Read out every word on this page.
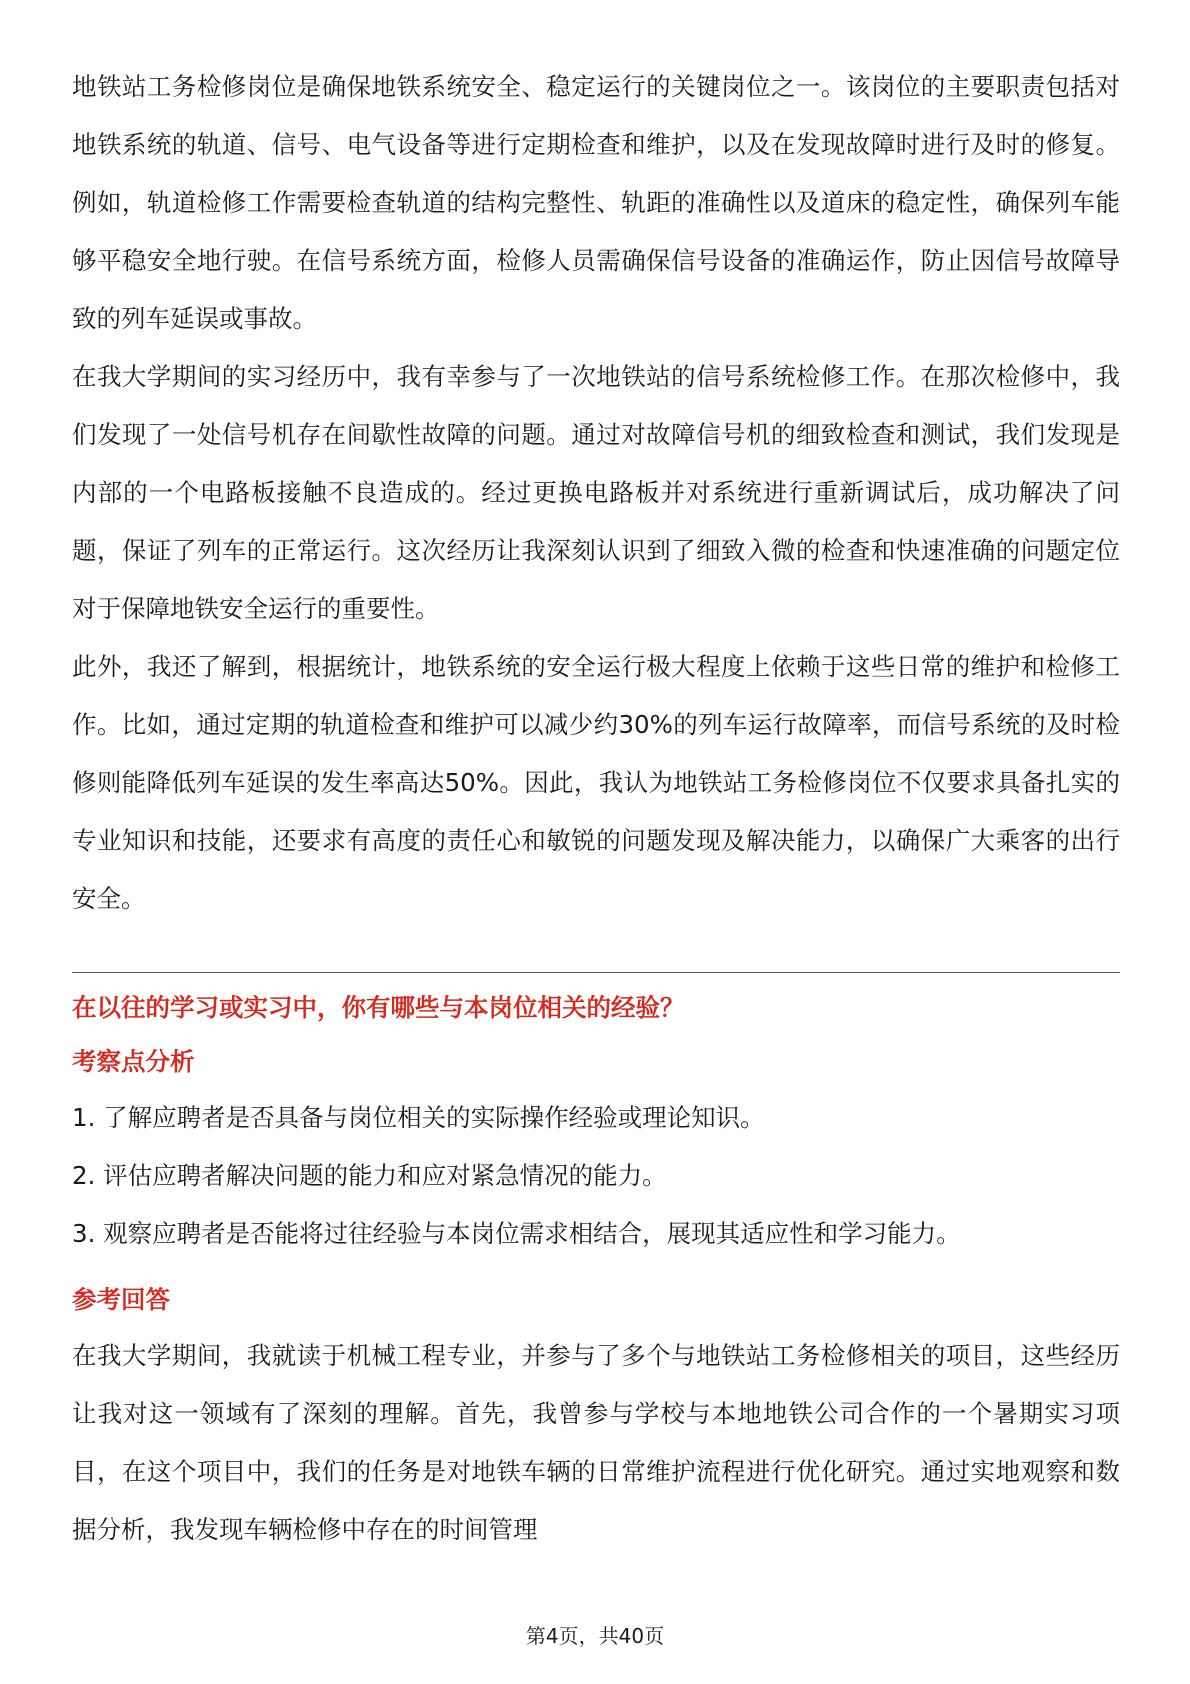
地铁站工务检修岗位是确保地铁系统安全、稳定运行的关键岗位之一。该岗位的主要职责包括对地铁系统的轨道、信号、电气设备等进行定期检查和维护，以及在发现故障时进行及时的修复。例如，轨道检修工作需要检查轨道的结构完整性、轨距的准确性以及道床的稳定性，确保列车能够平稳安全地行驶。在信号系统方面，检修人员需确保信号设备的准确运作，防止因信号故障导致的列车延误或事故。

在我大学期间的实习经历中，我有幸参与了一次地铁站的信号系统检修工作。在那次检修中，我们发现了一处信号机存在间歇性故障的问题。通过对故障信号机的细致检查和测试，我们发现是内部的一个电路板接触不良造成的。经过更换电路板并对系统进行重新调试后，成功解决了问题，保证了列车的正常运行。这次经历让我深刻认识到了细致入微的检查和快速准确的问题定位对于保障地铁安全运行的重要性。

此外，我还了解到，根据统计，地铁系统的安全运行极大程度上依赖于这些日常的维护和检修工作。比如，通过定期的轨道检查和维护可以减少约30%的列车运行故障率，而信号系统的及时检修则能降低列车延误的发生率高达50%。因此，我认为地铁站工务检修岗位不仅要求具备扎实的专业知识和技能，还要求有高度的责任心和敏锐的问题发现及解决能力，以确保广大乘客的出行安全。

在以往的学习或实习中，你有哪些与本岗位相关的经验？
考察点分析
1. 了解应聘者是否具备与岗位相关的实际操作经验或理论知识。
2. 评估应聘者解决问题的能力和应对紧急情况的能力。
3. 观察应聘者是否能将过往经验与本岗位需求相结合，展现其适应性和学习能力。
参考回答

在我大学期间，我就读于机械工程专业，并参与了多个与地铁站工务检修相关的项目，这些经历让我对这一领域有了深刻的理解。首先，我曾参与学校与本地地铁公司合作的一个暑期实习项目，在这个项目中，我们的任务是对地铁车辆的日常维护流程进行优化研究。通过实地观察和数据分析，我发现车辆检修中存在的时间管理

第4页，共40页
